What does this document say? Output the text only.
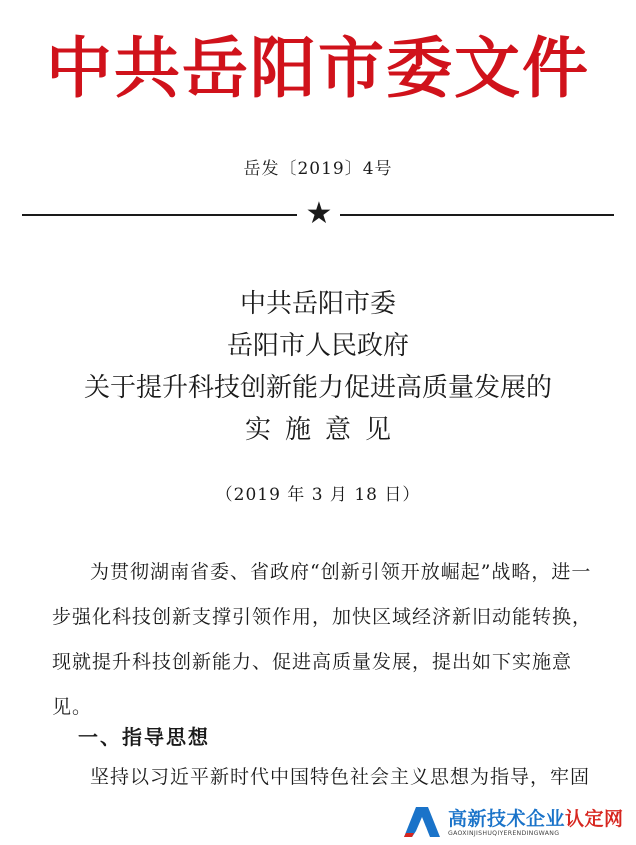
中共岳阳市委文件
岳发〔2019〕4号
★
中共岳阳市委
岳阳市人民政府
关于提升科技创新能力促进高质量发展的
实施意见
（2019 年 3 月 18 日）

为贯彻湖南省委、省政府“创新引领开放崛起”战略，进一步强化科技创新支撑引领作用，加快区域经济新旧动能转换，现就提升科技创新能力、促进高质量发展，提出如下实施意见。

一、指导思想
坚持以习近平新时代中国特色社会主义思想为指导，牢固
高新技术企业认定网
GAOXINJISHUQIYERENDINGWANG
